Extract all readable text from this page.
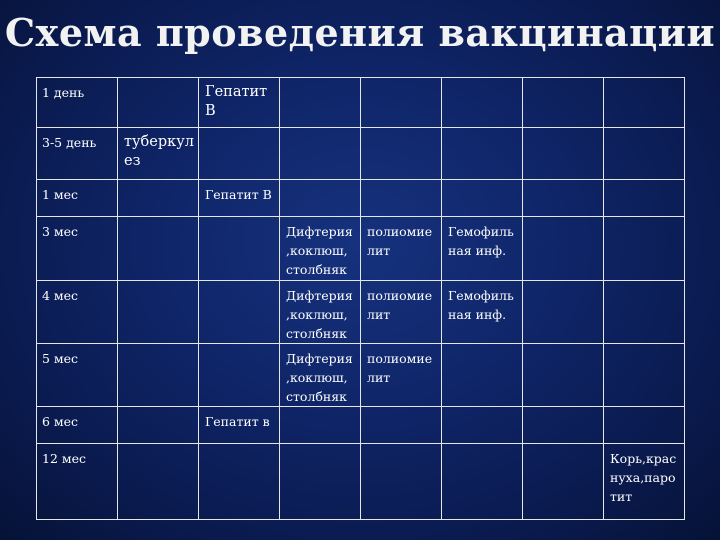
Схема проведения вакцинации
1 день		Гепатит В					
3-5 день	туберкулез						
1 мес		Гепатит В					
3 мес			Дифтерия,коклюш, столбняк	полиомиелит	Гемофильная инф.		
4 мес			Дифтерия,коклюш, столбняк	полиомиелит	Гемофильная инф.		
5 мес			Дифтерия,коклюш, столбняк	полиомиелит			
6 мес		Гепатит в					
12 мес							Корь,краснуха,паротит
